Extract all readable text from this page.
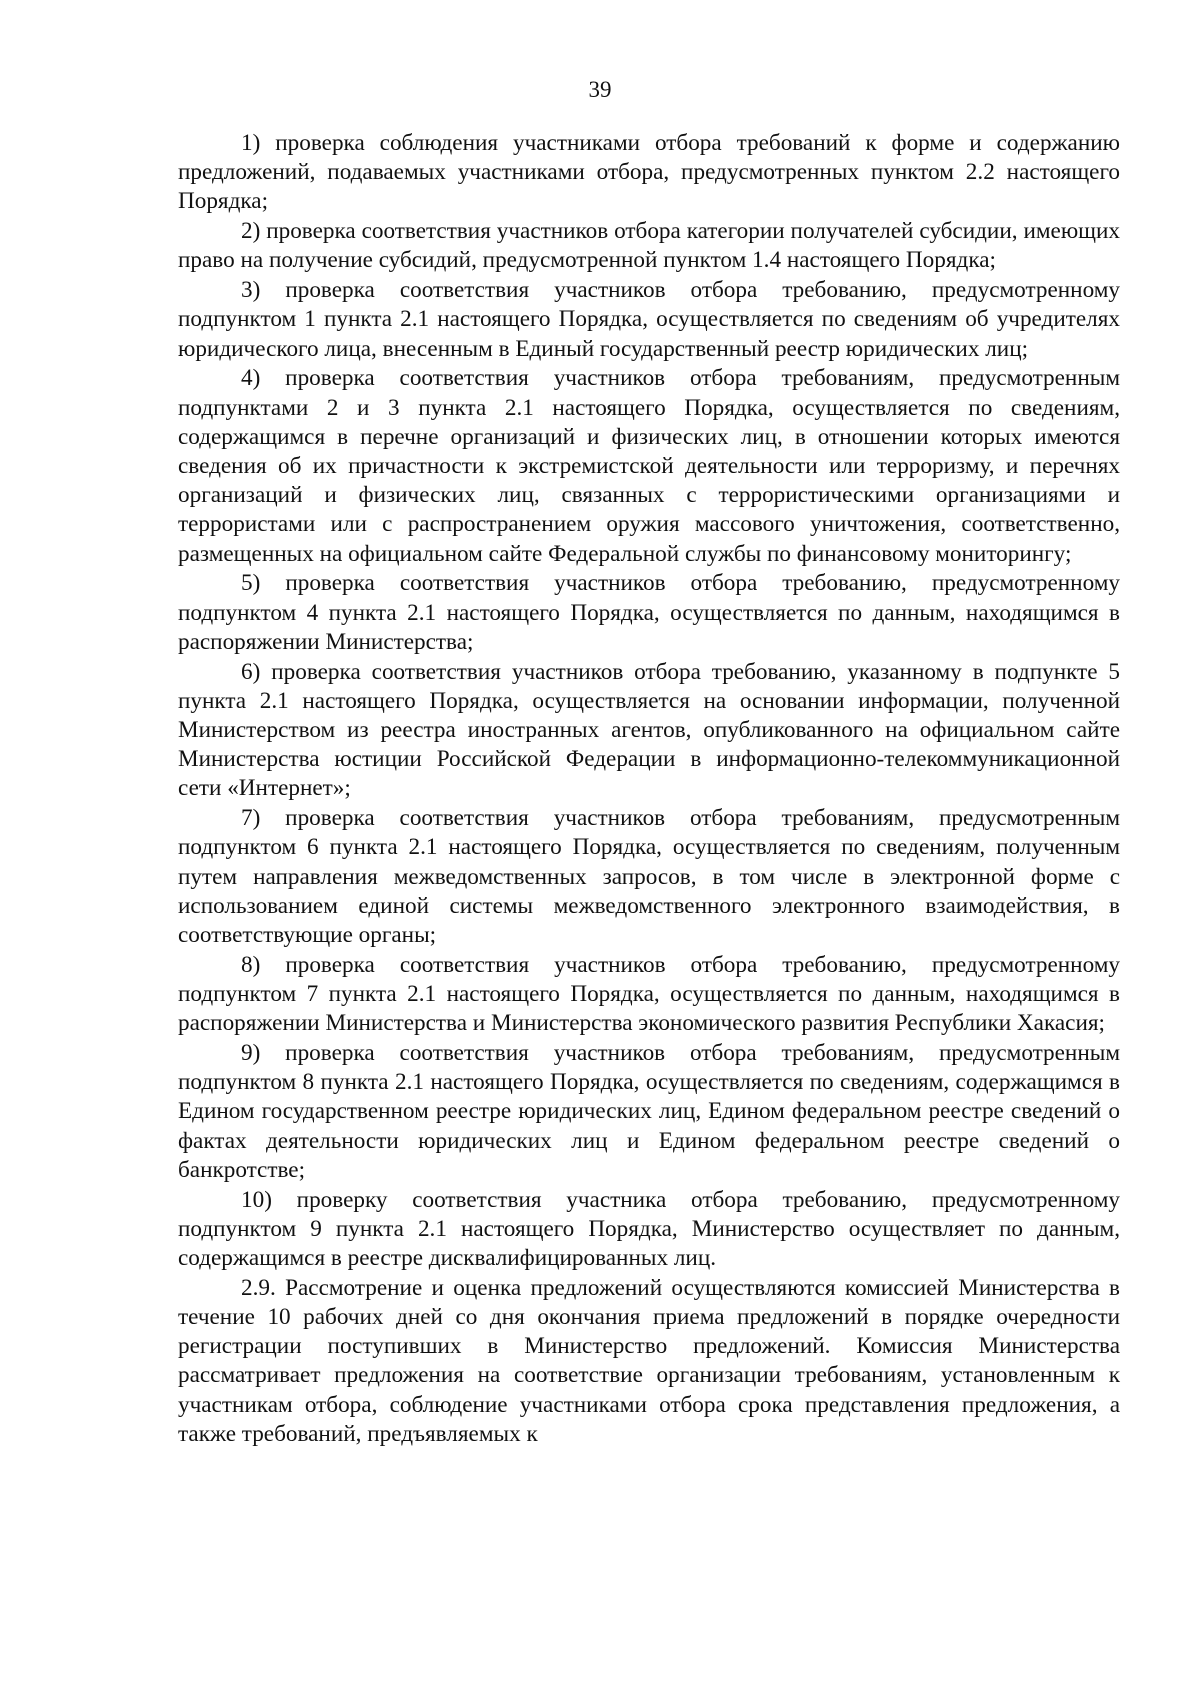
39

1) проверка соблюдения участниками отбора требований к форме и содержанию предложений, подаваемых участниками отбора, предусмотренных пунктом 2.2 настоящего Порядка;

2) проверка соответствия участников отбора категории получателей субсидии, имеющих право на получение субсидий, предусмотренной пунктом 1.4 настоящего Порядка;

3) проверка соответствия участников отбора требованию, предусмотренному подпунктом 1 пункта 2.1 настоящего Порядка, осуществляется по сведениям об учредителях юридического лица, внесенным в Единый государственный реестр юридических лиц;

4) проверка соответствия участников отбора требованиям, предусмотренным подпунктами 2 и 3 пункта 2.1 настоящего Порядка, осуществляется по сведениям, содержащимся в перечне организаций и физических лиц, в отношении которых имеются сведения об их причастности к экстремистской деятельности или терроризму, и перечнях организаций и физических лиц, связанных с террористическими организациями и террористами или с распространением оружия массового уничтожения, соответственно, размещенных на официальном сайте Федеральной службы по финансовому мониторингу;

5) проверка соответствия участников отбора требованию, предусмотренному подпунктом 4 пункта 2.1 настоящего Порядка, осуществляется по данным, находящимся в распоряжении Министерства;

6) проверка соответствия участников отбора требованию, указанному в подпункте 5 пункта 2.1 настоящего Порядка, осуществляется на основании информации, полученной Министерством из реестра иностранных агентов, опубликованного на официальном сайте Министерства юстиции Российской Федерации в информационно-телекоммуникационной сети «Интернет»;

7) проверка соответствия участников отбора требованиям, предусмотренным подпунктом 6 пункта 2.1 настоящего Порядка, осуществляется по сведениям, полученным путем направления межведомственных запросов, в том числе в электронной форме с использованием единой системы межведомственного электронного взаимодействия, в соответствующие органы;

8) проверка соответствия участников отбора требованию, предусмотренному подпунктом 7 пункта 2.1 настоящего Порядка, осуществляется по данным, находящимся в распоряжении Министерства и Министерства экономического развития Республики Хакасия;

9) проверка соответствия участников отбора требованиям, предусмотренным подпунктом 8 пункта 2.1 настоящего Порядка, осуществляется по сведениям, содержащимся в Едином государственном реестре юридических лиц, Едином федеральном реестре сведений о фактах деятельности юридических лиц и Едином федеральном реестре сведений о банкротстве;

10) проверку соответствия участника отбора требованию, предусмотренному подпунктом 9 пункта 2.1 настоящего Порядка, Министерство осуществляет по данным, содержащимся в реестре дисквалифицированных лиц.

2.9. Рассмотрение и оценка предложений осуществляются комиссией Министерства в течение 10 рабочих дней со дня окончания приема предложений в порядке очередности регистрации поступивших в Министерство предложений. Комиссия Министерства рассматривает предложения на соответствие организации требованиям, установленным к участникам отбора, соблюдение участниками отбора срока представления предложения, а также требований, предъявляемых к
